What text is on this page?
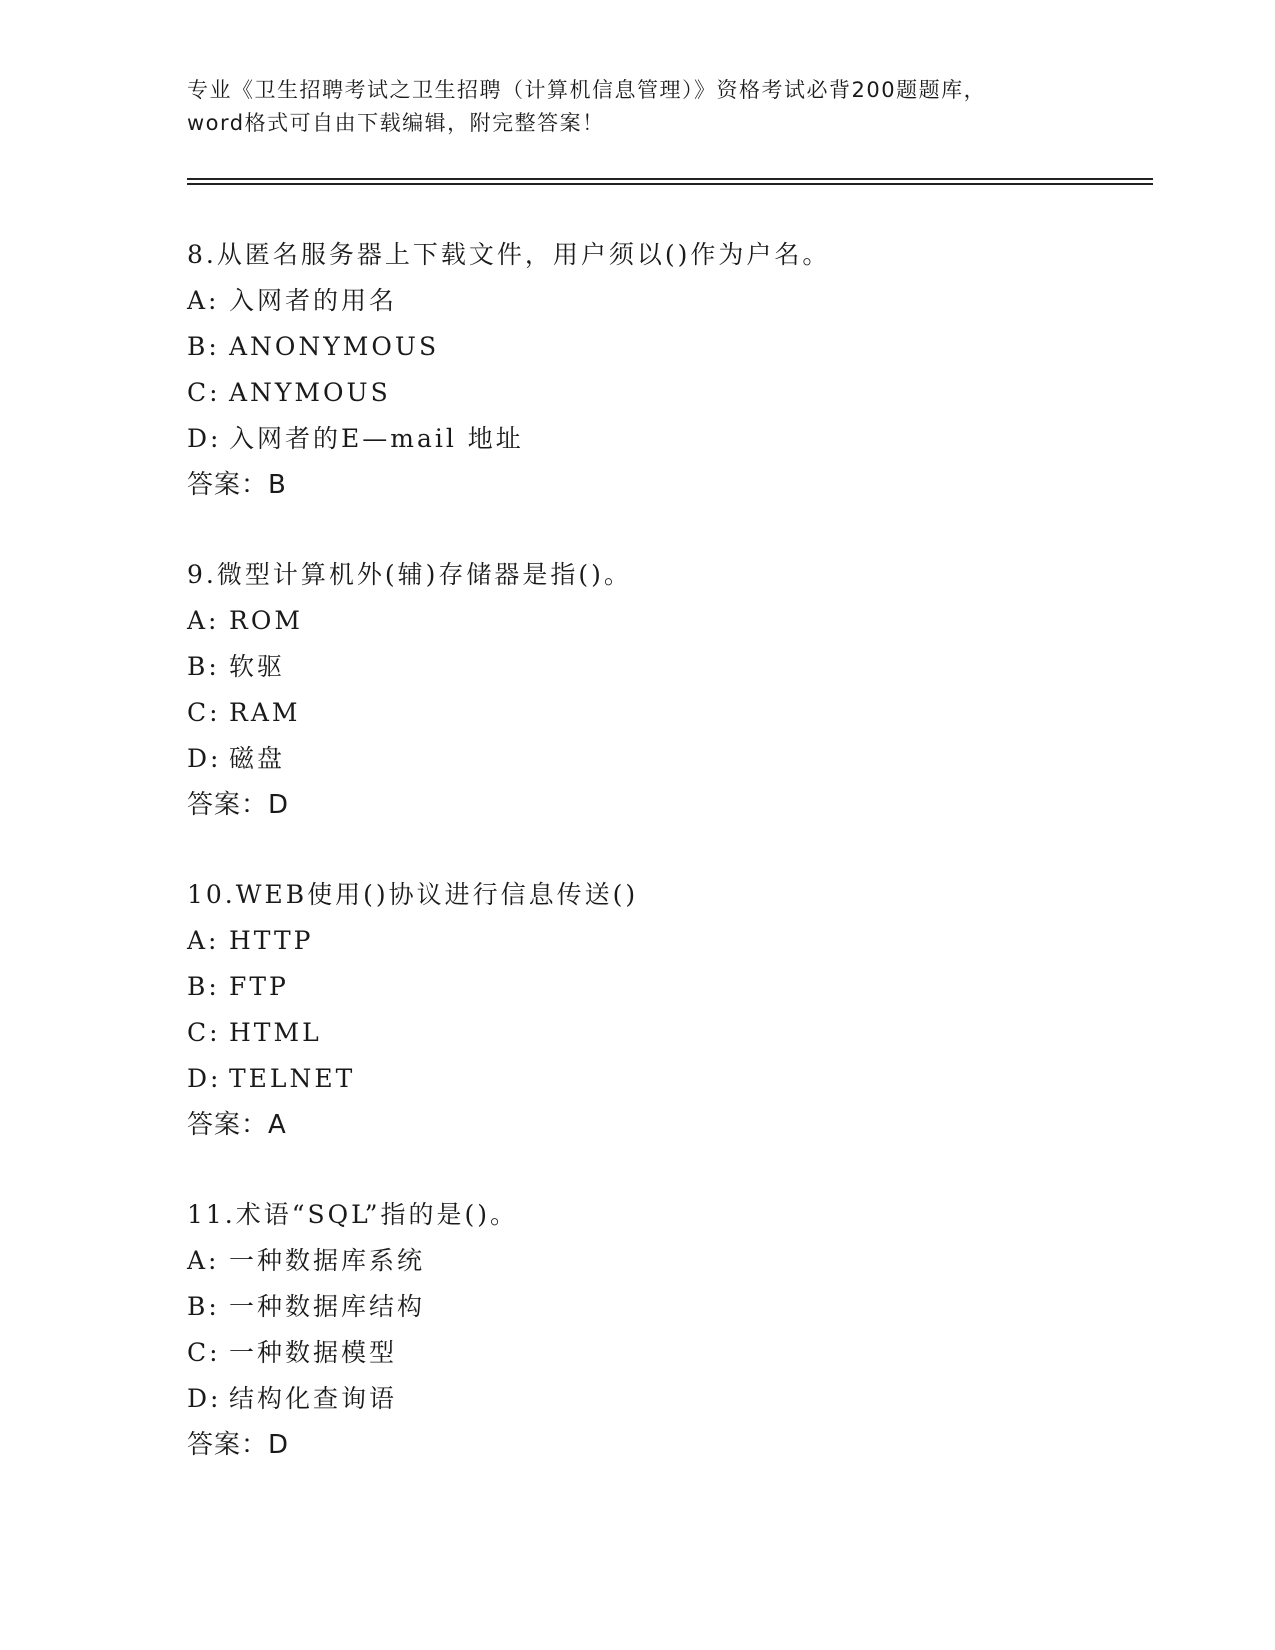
专业《卫生招聘考试之卫生招聘（计算机信息管理）》资格考试必背200题题库，
word格式可自由下载编辑，附完整答案！
8.从匿名服务器上下载文件，用户须以()作为户名。
A: 入网者的用名
B: ANONYMOUS
C: ANYMOUS
D: 入网者的E—mail 地址
答案：B
9.微型计算机外(辅)存储器是指()。
A: ROM
B: 软驱
C: RAM
D: 磁盘
答案：D
10.WEB使用()协议进行信息传送()
A: HTTP
B: FTP
C: HTML
D: TELNET
答案：A
11.术语“SQL”指的是()。
A: 一种数据库系统
B: 一种数据库结构
C: 一种数据模型
D: 结构化查询语
答案：D
